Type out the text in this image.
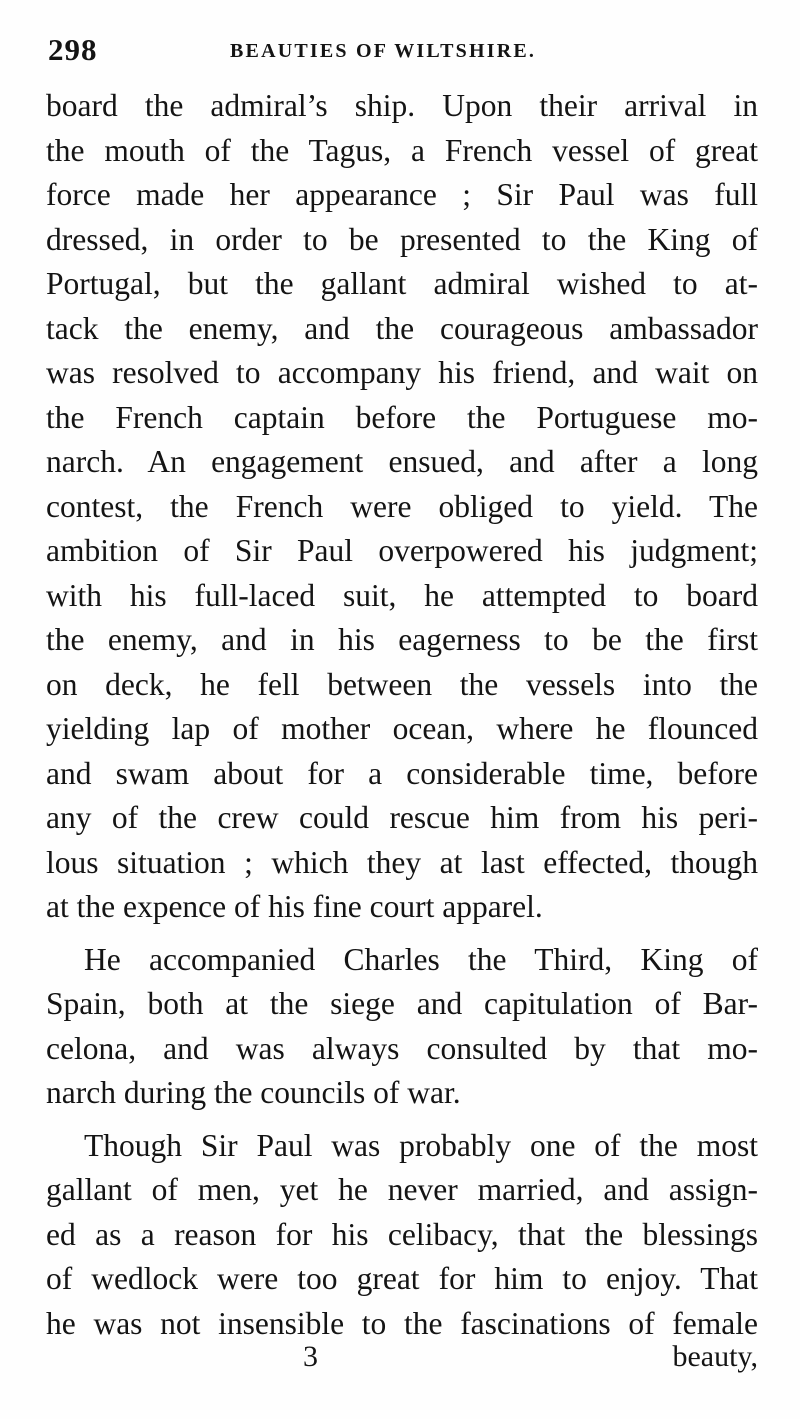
298	BEAUTIES OF WILTSHIRE.
board the admiral’s ship. Upon their arrival in
the mouth of the Tagus, a French vessel of great
force made her appearance ; Sir Paul was full
dressed, in order to be presented to the King of
Portugal, but the gallant admiral wished to at-
tack the enemy, and the courageous ambassador
was resolved to accompany his friend, and wait on
the French captain before the Portuguese mo-
narch. An engagement ensued, and after a long
contest, the French were obliged to yield. The
ambition of Sir Paul overpowered his judgment;
with his full-laced suit, he attempted to board
the enemy, and in his eagerness to be the first
on deck, he fell between the vessels into the
yielding lap of mother ocean, where he flounced
and swam about for a considerable time, before
any of the crew could rescue him from his peri-
lous situation ; which they at last effected, though
at the expence of his fine court apparel.
He accompanied Charles the Third, King of
Spain, both at the siege and capitulation of Bar-
celona, and was always consulted by that mo-
narch during the councils of war.
Though Sir Paul was probably one of the most
gallant of men, yet he never married, and assign-
ed as a reason for his celibacy, that the blessings
of wedlock were too great for him to enjoy. That
he was not insensible to the fascinations of female
3	beauty,
